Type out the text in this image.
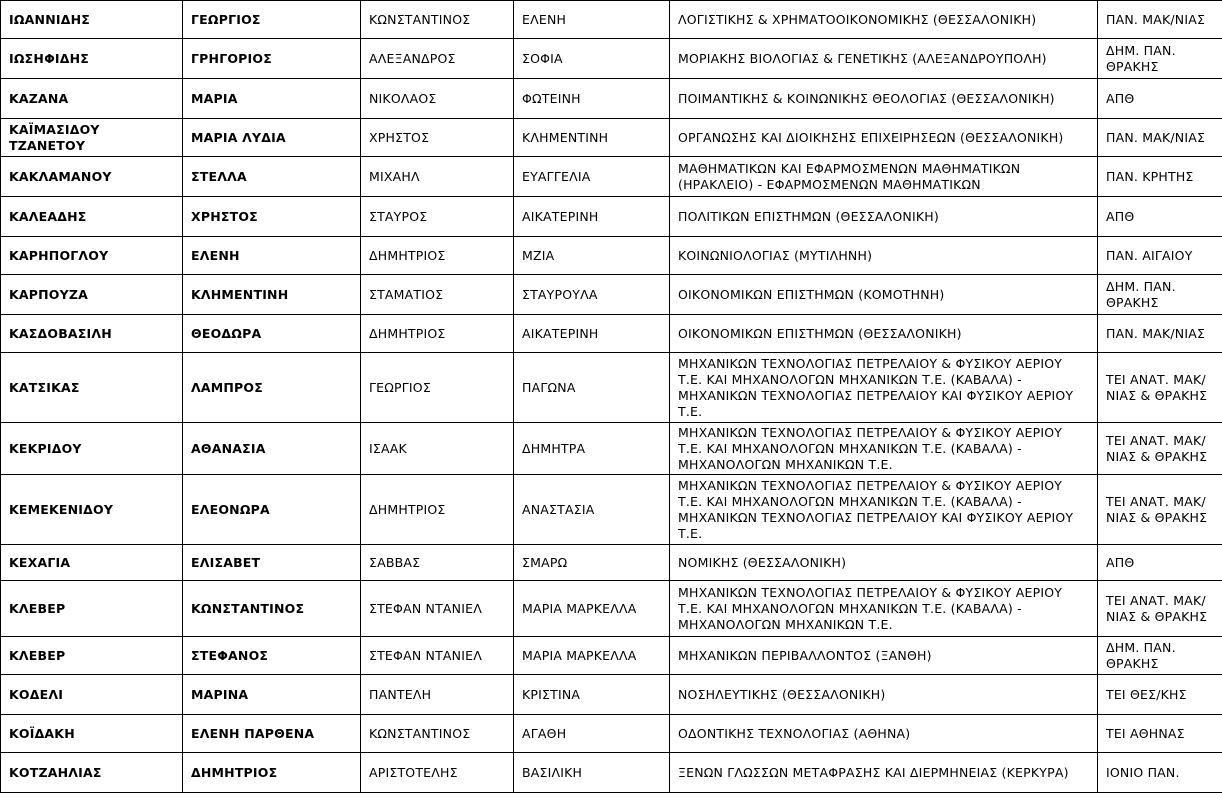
ΙΩΑΝΝΙΔΗΣ	ΓΕΩΡΓΙΟΣ	ΚΩΝΣΤΑΝΤΙΝΟΣ	ΕΛΕΝΗ	ΛΟΓΙΣΤΙΚΗΣ & ΧΡΗΜΑΤΟΟΙΚΟΝΟΜΙΚΗΣ (ΘΕΣΣΑΛΟΝΙΚΗ)	ΠΑΝ. ΜΑΚ/ΝΙΑΣ
ΙΩΣΗΦΙΔΗΣ	ΓΡΗΓΟΡΙΟΣ	ΑΛΕΞΑΝΔΡΟΣ	ΣΟΦΙΑ	ΜΟΡΙΑΚΗΣ ΒΙΟΛΟΓΙΑΣ & ΓΕΝΕΤΙΚΗΣ (ΑΛΕΞΑΝΔΡΟΥΠΟΛΗ)	ΔΗΜ. ΠΑΝ. ΘΡΑΚΗΣ
ΚΑΖΑΝΑ	ΜΑΡΙΑ	ΝΙΚΟΛΑΟΣ	ΦΩΤΕΙΝΗ	ΠΟΙΜΑΝΤΙΚΗΣ & ΚΟΙΝΩΝΙΚΗΣ ΘΕΟΛΟΓΙΑΣ (ΘΕΣΣΑΛΟΝΙΚΗ)	ΑΠΘ
ΚΑΪΜΑΣΙΔΟΥ ΤΖΑΝΕΤΟΥ	ΜΑΡΙΑ ΛΥΔΙΑ	ΧΡΗΣΤΟΣ	ΚΛΗΜΕΝΤΙΝΗ	ΟΡΓΑΝΩΣΗΣ ΚΑΙ ΔΙΟΙΚΗΣΗΣ ΕΠΙΧΕΙΡΗΣΕΩΝ (ΘΕΣΣΑΛΟΝΙΚΗ)	ΠΑΝ. ΜΑΚ/ΝΙΑΣ
ΚΑΚΛΑΜΑΝΟΥ	ΣΤΕΛΛΑ	ΜΙΧΑΗΛ	ΕΥΑΓΓΕΛΙΑ	ΜΑΘΗΜΑΤΙΚΩΝ ΚΑΙ ΕΦΑΡΜΟΣΜΕΝΩΝ ΜΑΘΗΜΑΤΙΚΩΝ (ΗΡΑΚΛΕΙΟ) - ΕΦΑΡΜΟΣΜΕΝΩΝ ΜΑΘΗΜΑΤΙΚΩΝ	ΠΑΝ. ΚΡΗΤΗΣ
ΚΑΛΕΑΔΗΣ	ΧΡΗΣΤΟΣ	ΣΤΑΥΡΟΣ	ΑΙΚΑΤΕΡΙΝΗ	ΠΟΛΙΤΙΚΩΝ ΕΠΙΣΤΗΜΩΝ (ΘΕΣΣΑΛΟΝΙΚΗ)	ΑΠΘ
ΚΑΡΗΠΟΓΛΟΥ	ΕΛΕΝΗ	ΔΗΜΗΤΡΙΟΣ	ΜΖΙΑ	ΚΟΙΝΩΝΙΟΛΟΓΙΑΣ (ΜΥΤΙΛΗΝΗ)	ΠΑΝ. ΑΙΓΑΙΟΥ
ΚΑΡΠΟΥΖΑ	ΚΛΗΜΕΝΤΙΝΗ	ΣΤΑΜΑΤΙΟΣ	ΣΤΑΥΡΟΥΛΑ	ΟΙΚΟΝΟΜΙΚΩΝ ΕΠΙΣΤΗΜΩΝ (ΚΟΜΟΤΗΝΗ)	ΔΗΜ. ΠΑΝ. ΘΡΑΚΗΣ
ΚΑΣΔΟΒΑΣΙΛΗ	ΘΕΟΔΩΡΑ	ΔΗΜΗΤΡΙΟΣ	ΑΙΚΑΤΕΡΙΝΗ	ΟΙΚΟΝΟΜΙΚΩΝ ΕΠΙΣΤΗΜΩΝ (ΘΕΣΣΑΛΟΝΙΚΗ)	ΠΑΝ. ΜΑΚ/ΝΙΑΣ
ΚΑΤΣΙΚΑΣ	ΛΑΜΠΡΟΣ	ΓΕΩΡΓΙΟΣ	ΠΑΓΩΝΑ	ΜΗΧΑΝΙΚΩΝ ΤΕΧΝΟΛΟΓΙΑΣ ΠΕΤΡΕΛΑΙΟΥ & ΦΥΣΙΚΟΥ ΑΕΡΙΟΥ Τ.Ε. ΚΑΙ ΜΗΧΑΝΟΛΟΓΩΝ ΜΗΧΑΝΙΚΩΝ Τ.Ε. (ΚΑΒΑΛΑ) - ΜΗΧΑΝΙΚΩΝ ΤΕΧΝΟΛΟΓΙΑΣ ΠΕΤΡΕΛΑΙΟΥ ΚΑΙ ΦΥΣΙΚΟΥ ΑΕΡΙΟΥ Τ.Ε.	ΤΕΙ ΑΝΑΤ. ΜΑΚ/ΝΙΑΣ & ΘΡΑΚΗΣ
ΚΕΚΡΙΔΟΥ	ΑΘΑΝΑΣΙΑ	ΙΣΑΑΚ	ΔΗΜΗΤΡΑ	ΜΗΧΑΝΙΚΩΝ ΤΕΧΝΟΛΟΓΙΑΣ ΠΕΤΡΕΛΑΙΟΥ & ΦΥΣΙΚΟΥ ΑΕΡΙΟΥ Τ.Ε. ΚΑΙ ΜΗΧΑΝΟΛΟΓΩΝ ΜΗΧΑΝΙΚΩΝ Τ.Ε. (ΚΑΒΑΛΑ) - ΜΗΧΑΝΟΛΟΓΩΝ ΜΗΧΑΝΙΚΩΝ Τ.Ε.	ΤΕΙ ΑΝΑΤ. ΜΑΚ/ΝΙΑΣ & ΘΡΑΚΗΣ
ΚΕΜΕΚΕΝΙΔΟΥ	ΕΛΕΟΝΩΡΑ	ΔΗΜΗΤΡΙΟΣ	ΑΝΑΣΤΑΣΙΑ	ΜΗΧΑΝΙΚΩΝ ΤΕΧΝΟΛΟΓΙΑΣ ΠΕΤΡΕΛΑΙΟΥ & ΦΥΣΙΚΟΥ ΑΕΡΙΟΥ Τ.Ε. ΚΑΙ ΜΗΧΑΝΟΛΟΓΩΝ ΜΗΧΑΝΙΚΩΝ Τ.Ε. (ΚΑΒΑΛΑ) - ΜΗΧΑΝΙΚΩΝ ΤΕΧΝΟΛΟΓΙΑΣ ΠΕΤΡΕΛΑΙΟΥ ΚΑΙ ΦΥΣΙΚΟΥ ΑΕΡΙΟΥ Τ.Ε.	ΤΕΙ ΑΝΑΤ. ΜΑΚ/ΝΙΑΣ & ΘΡΑΚΗΣ
ΚΕΧΑΓΙΑ	ΕΛΙΣΑΒΕΤ	ΣΑΒΒΑΣ	ΣΜΑΡΩ	ΝΟΜΙΚΗΣ (ΘΕΣΣΑΛΟΝΙΚΗ)	ΑΠΘ
ΚΛΕΒΕΡ	ΚΩΝΣΤΑΝΤΙΝΟΣ	ΣΤΕΦΑΝ ΝΤΑΝΙΕΛ	ΜΑΡΙΑ ΜΑΡΚΕΛΛΑ	ΜΗΧΑΝΙΚΩΝ ΤΕΧΝΟΛΟΓΙΑΣ ΠΕΤΡΕΛΑΙΟΥ & ΦΥΣΙΚΟΥ ΑΕΡΙΟΥ Τ.Ε. ΚΑΙ ΜΗΧΑΝΟΛΟΓΩΝ ΜΗΧΑΝΙΚΩΝ Τ.Ε. (ΚΑΒΑΛΑ) - ΜΗΧΑΝΟΛΟΓΩΝ ΜΗΧΑΝΙΚΩΝ Τ.Ε.	ΤΕΙ ΑΝΑΤ. ΜΑΚ/ΝΙΑΣ & ΘΡΑΚΗΣ
ΚΛΕΒΕΡ	ΣΤΕΦΑΝΟΣ	ΣΤΕΦΑΝ ΝΤΑΝΙΕΛ	ΜΑΡΙΑ ΜΑΡΚΕΛΛΑ	ΜΗΧΑΝΙΚΩΝ ΠΕΡΙΒΑΛΛΟΝΤΟΣ (ΞΑΝΘΗ)	ΔΗΜ. ΠΑΝ. ΘΡΑΚΗΣ
ΚΟΔΕΛΙ	ΜΑΡΙΝΑ	ΠΑΝΤΕΛΗ	ΚΡΙΣΤΙΝΑ	ΝΟΣΗΛΕΥΤΙΚΗΣ (ΘΕΣΣΑΛΟΝΙΚΗ)	ΤΕΙ ΘΕΣ/ΚΗΣ
ΚΟΪΔΑΚΗ	ΕΛΕΝΗ ΠΑΡΘΕΝΑ	ΚΩΝΣΤΑΝΤΙΝΟΣ	ΑΓΑΘΗ	ΟΔΟΝΤΙΚΗΣ ΤΕΧΝΟΛΟΓΙΑΣ (ΑΘΗΝΑ)	ΤΕΙ ΑΘΗΝΑΣ
ΚΟΤΖΑΗΛΙΑΣ	ΔΗΜΗΤΡΙΟΣ	ΑΡΙΣΤΟΤΕΛΗΣ	ΒΑΣΙΛΙΚΗ	ΞΕΝΩΝ ΓΛΩΣΣΩΝ ΜΕΤΑΦΡΑΣΗΣ ΚΑΙ ΔΙΕΡΜΗΝΕΙΑΣ (ΚΕΡΚΥΡΑ)	ΙΟΝΙΟ ΠΑΝ.
